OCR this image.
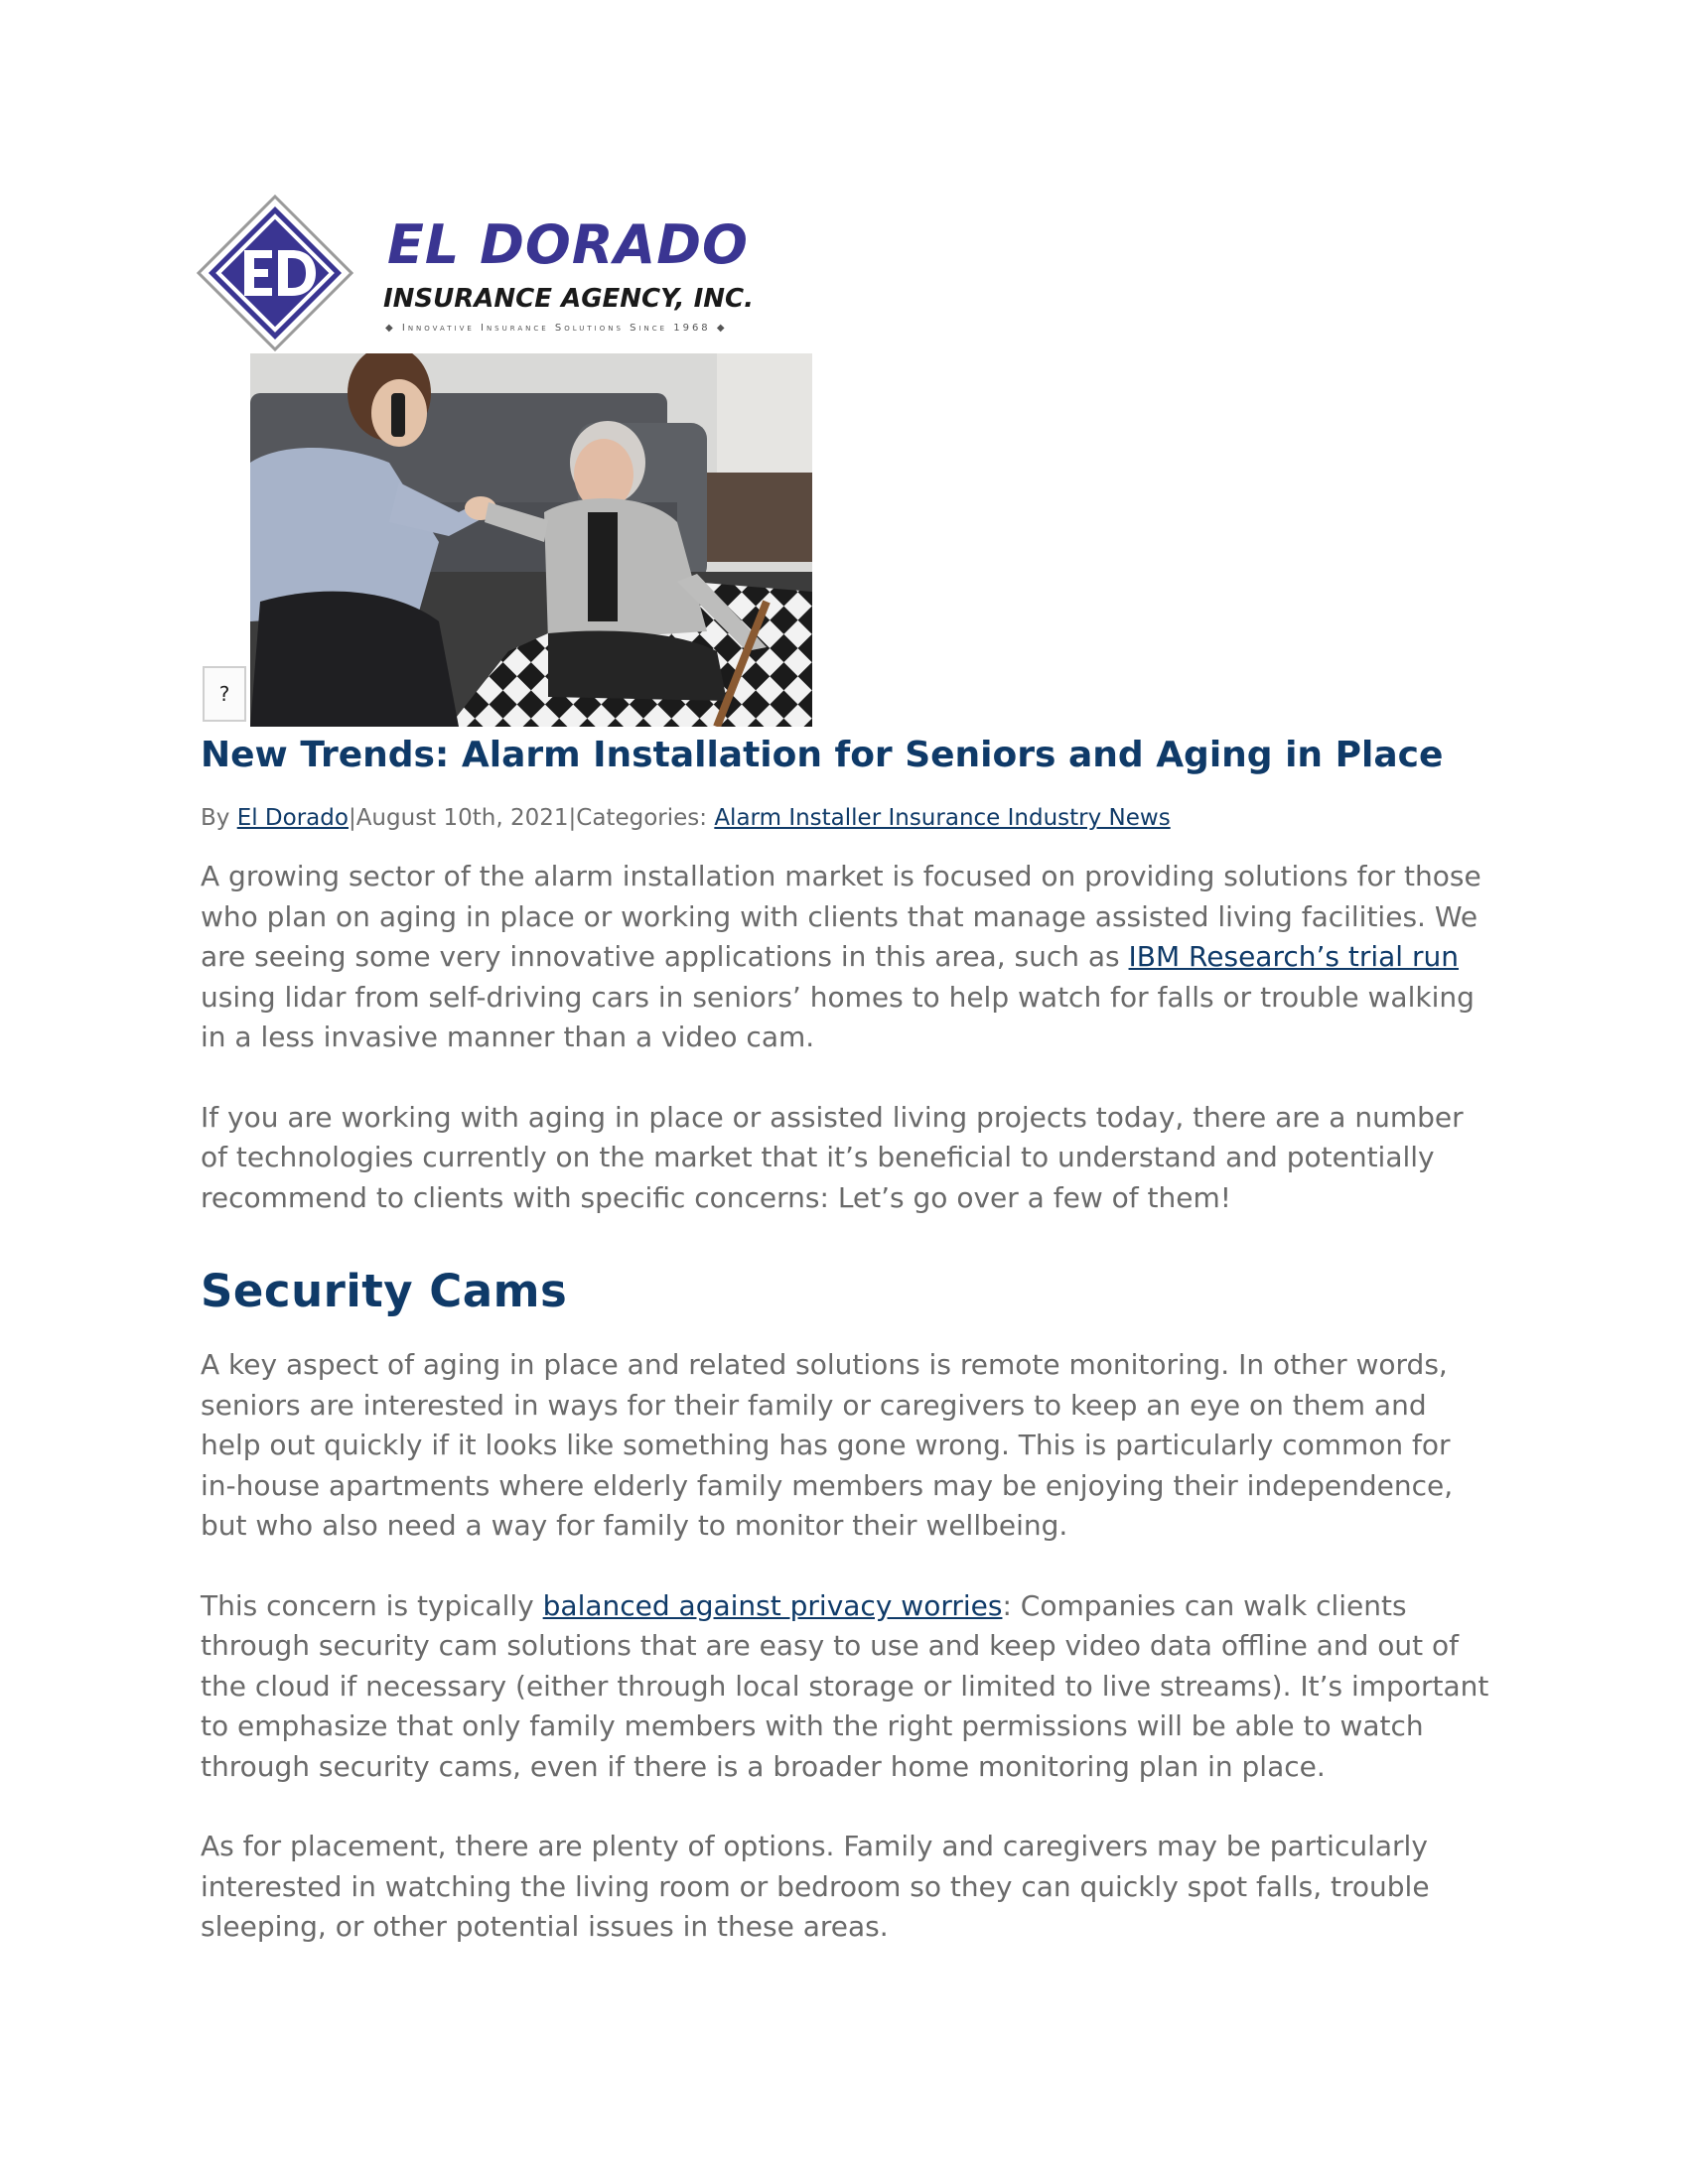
EL DORADO

INSURANCE AGENCY, INC.

◆ Innovative Insurance Solutions Since 1968 ◆

?
New Trends: Alarm Installation for Seniors and Aging in Place
By El Dorado|August 10th, 2021|Categories: Alarm Installer Insurance Industry News

A growing sector of the alarm installation market is focused on providing solutions for those who plan on aging in place or working with clients that manage assisted living facilities. We are seeing some very innovative applications in this area, such as IBM Research’s trial run using lidar from self-driving cars in seniors’ homes to help watch for falls or trouble walking in a less invasive manner than a video cam.

If you are working with aging in place or assisted living projects today, there are a number of technologies currently on the market that it’s beneficial to understand and potentially recommend to clients with specific concerns: Let’s go over a few of them!

Security Cams

A key aspect of aging in place and related solutions is remote monitoring. In other words, seniors are interested in ways for their family or caregivers to keep an eye on them and help out quickly if it looks like something has gone wrong. This is particularly common for in-house apartments where elderly family members may be enjoying their independence, but who also need a way for family to monitor their wellbeing.

This concern is typically balanced against privacy worries: Companies can walk clients through security cam solutions that are easy to use and keep video data offline and out of the cloud if necessary (either through local storage or limited to live streams). It’s important to emphasize that only family members with the right permissions will be able to watch through security cams, even if there is a broader home monitoring plan in place.

As for placement, there are plenty of options. Family and caregivers may be particularly interested in watching the living room or bedroom so they can quickly spot falls, trouble sleeping, or other potential issues in these areas.
